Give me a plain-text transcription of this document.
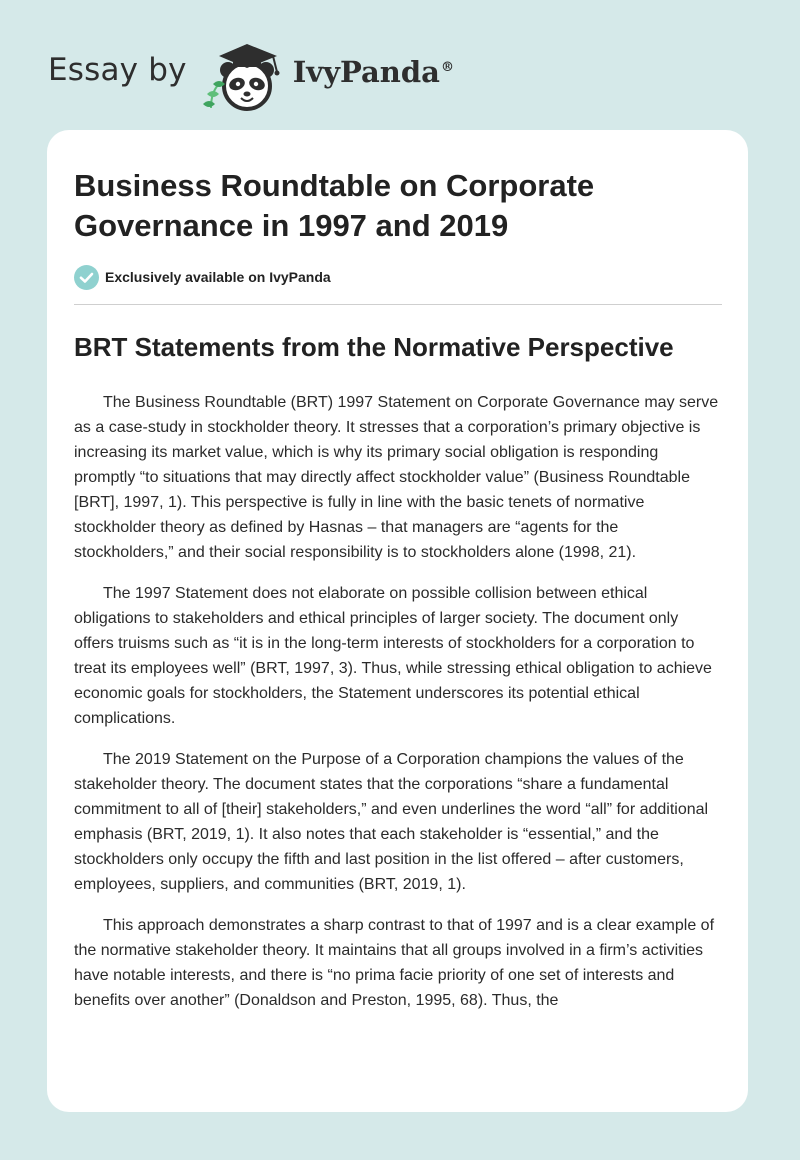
Essay by	IvyPanda®
Business Roundtable on Corporate Governance in 1997 and 2019
Exclusively available on IvyPanda
BRT Statements from the Normative Perspective

The Business Roundtable (BRT) 1997 Statement on Corporate Governance may serve as a case-study in stockholder theory. It stresses that a corporation’s primary objective is increasing its market value, which is why its primary social obligation is responding promptly “to situations that may directly affect stockholder value” (Business Roundtable [BRT], 1997, 1). This perspective is fully in line with the basic tenets of normative stockholder theory as defined by Hasnas – that managers are “agents for the stockholders,” and their social responsibility is to stockholders alone (1998, 21).

The 1997 Statement does not elaborate on possible collision between ethical obligations to stakeholders and ethical principles of larger society. The document only offers truisms such as “it is in the long-term interests of stockholders for a corporation to treat its employees well” (BRT, 1997, 3). Thus, while stressing ethical obligation to achieve economic goals for stockholders, the Statement underscores its potential ethical complications.

The 2019 Statement on the Purpose of a Corporation champions the values of the stakeholder theory. The document states that the corporations “share a fundamental commitment to all of [their] stakeholders,” and even underlines the word “all” for additional emphasis (BRT, 2019, 1). It also notes that each stakeholder is “essential,” and the stockholders only occupy the fifth and last position in the list offered – after customers, employees, suppliers, and communities (BRT, 2019, 1).

This approach demonstrates a sharp contrast to that of 1997 and is a clear example of the normative stakeholder theory. It maintains that all groups involved in a firm’s activities have notable interests, and there is “no prima facie priority of one set of interests and benefits over another” (Donaldson and Preston, 1995, 68). Thus, the
